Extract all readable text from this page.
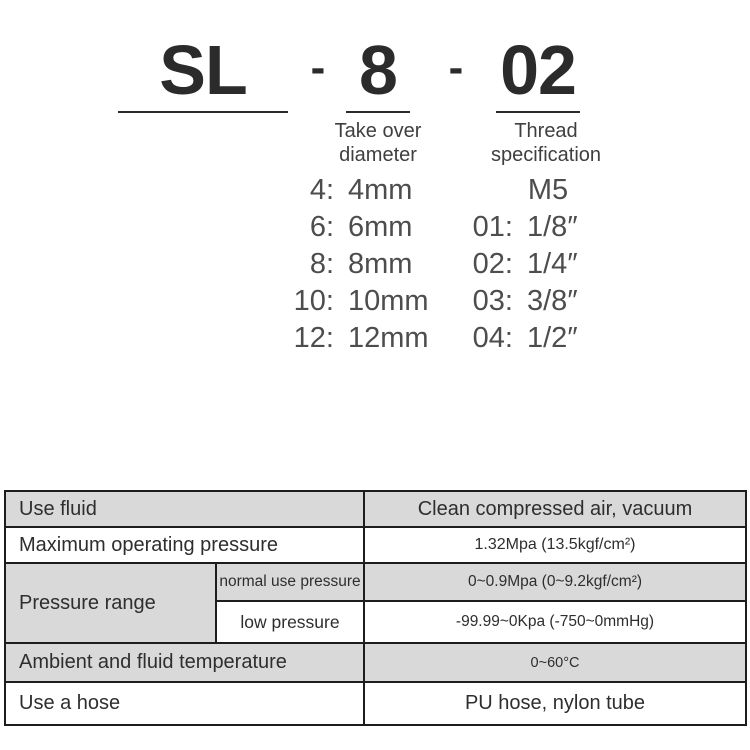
SL	- 8 - 02
Take over
diameter
Thread
specification
4: 4mm
6: 6mm
8: 8mm
10: 10mm
12: 12mm
M5
01: 1/8″
02: 1/4″
03: 3/8″
04: 1/2″
Use fluid		Clean compressed air, vacuum
Maximum operating pressure		1.32Mpa (13.5kgf/cm²)
Pressure range	normal use pressure	0~0.9Mpa (0~9.2kgf/cm²)
	low pressure	-99.99~0Kpa (-750~0mmHg)
Ambient and fluid temperature		0~60°C
Use a hose		PU hose, nylon tube
